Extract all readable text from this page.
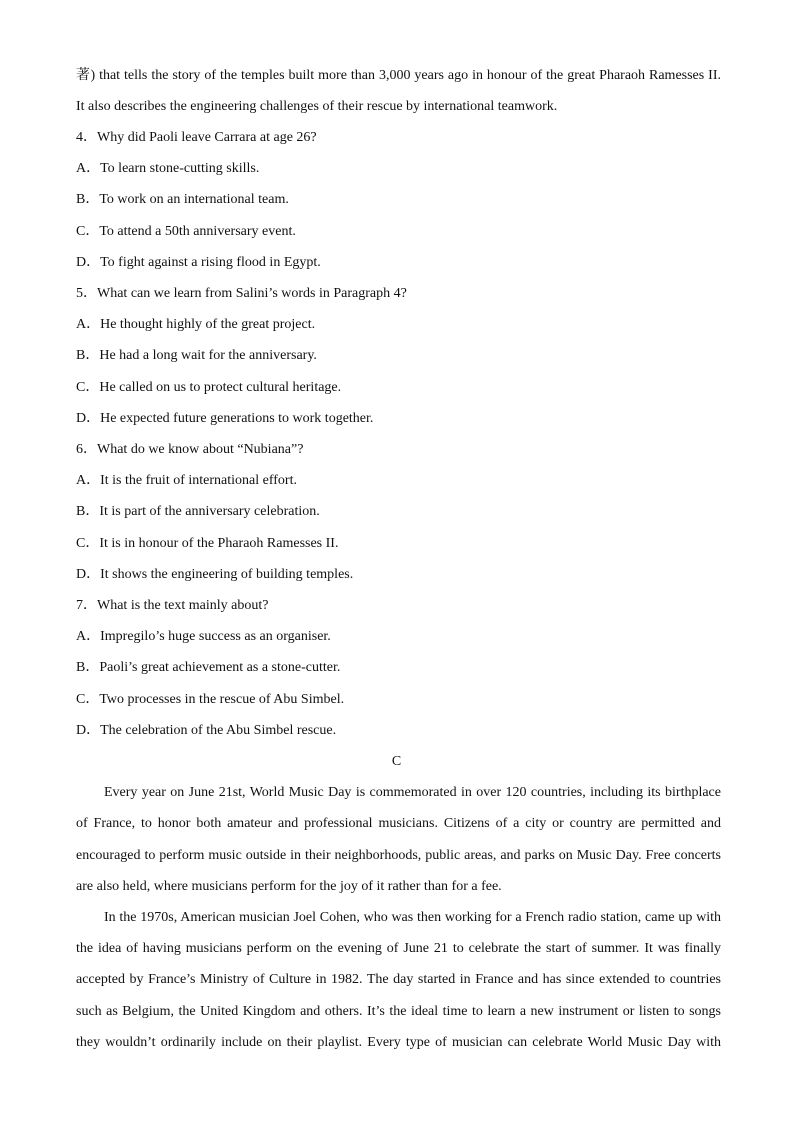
著) that tells the story of the temples built more than 3,000 years ago in honour of the great Pharaoh Ramesses II.
It also describes the engineering challenges of their rescue by international teamwork.
4．Why did Paoli leave Carrara at age 26?
A．To learn stone-cutting skills.
B．To work on an international team.
C．To attend a 50th anniversary event.
D．To fight against a rising flood in Egypt.
5．What can we learn from Salini’s words in Paragraph 4?
A．He thought highly of the great project.
B．He had a long wait for the anniversary.
C．He called on us to protect cultural heritage.
D．He expected future generations to work together.
6．What do we know about “Nubiana”?
A．It is the fruit of international effort.
B．It is part of the anniversary celebration.
C．It is in honour of the Pharaoh Ramesses II.
D．It shows the engineering of building temples.
7．What is the text mainly about?
A．Impregilo’s huge success as an organiser.
B．Paoli’s great achievement as a stone-cutter.
C．Two processes in the rescue of Abu Simbel.
D．The celebration of the Abu Simbel rescue.
C
Every year on June 21st, World Music Day is commemorated in over 120 countries, including its birthplace
of France, to honor both amateur and professional musicians. Citizens of a city or country are permitted and
encouraged to perform music outside in their neighborhoods, public areas, and parks on Music Day. Free concerts
are also held, where musicians perform for the joy of it rather than for a fee.
In the 1970s, American musician Joel Cohen, who was then working for a French radio station, came up with
the idea of having musicians perform on the evening of June 21 to celebrate the start of summer. It was finally
accepted by France’s Ministry of Culture in 1982. The day started in France and has since extended to countries
such as Belgium, the United Kingdom and others. It’s the ideal time to learn a new instrument or listen to songs
they wouldn’t ordinarily include on their playlist. Every type of musician can celebrate World Music Day with
